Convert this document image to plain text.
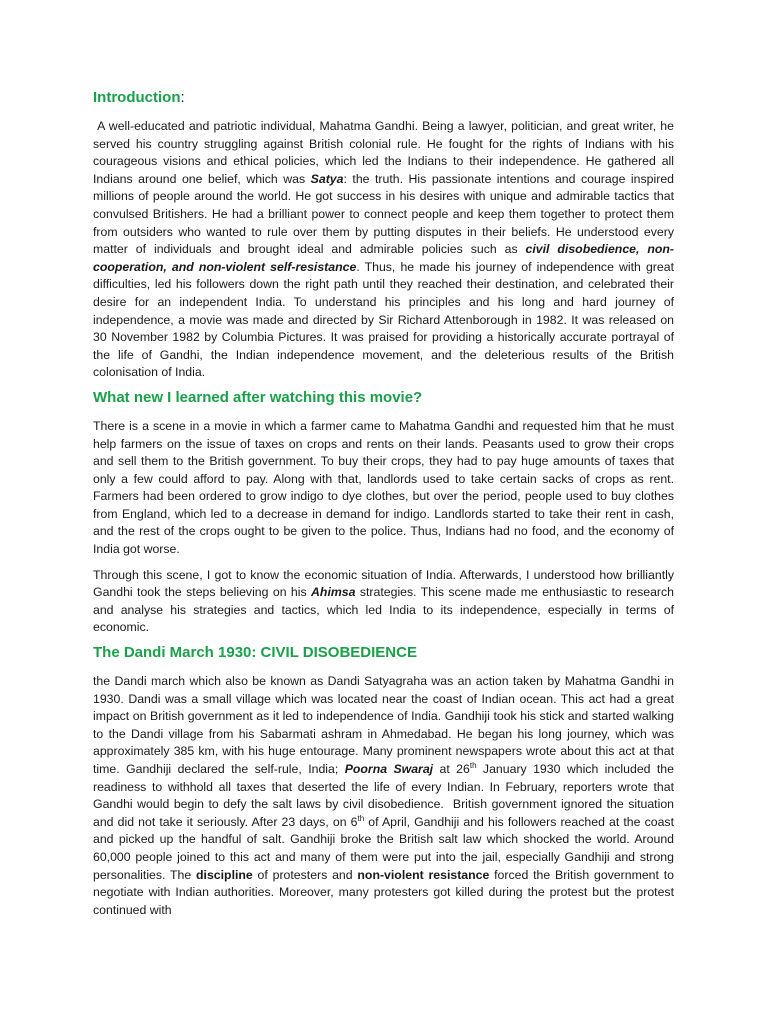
Introduction:

A well-educated and patriotic individual, Mahatma Gandhi. Being a lawyer, politician, and great writer, he served his country struggling against British colonial rule. He fought for the rights of Indians with his courageous visions and ethical policies, which led the Indians to their independence. He gathered all Indians around one belief, which was Satya: the truth. His passionate intentions and courage inspired millions of people around the world. He got success in his desires with unique and admirable tactics that convulsed Britishers. He had a brilliant power to connect people and keep them together to protect them from outsiders who wanted to rule over them by putting disputes in their beliefs. He understood every matter of individuals and brought ideal and admirable policies such as civil disobedience, non-cooperation, and non-violent self-resistance. Thus, he made his journey of independence with great difficulties, led his followers down the right path until they reached their destination, and celebrated their desire for an independent India. To understand his principles and his long and hard journey of independence, a movie was made and directed by Sir Richard Attenborough in 1982. It was released on 30 November 1982 by Columbia Pictures. It was praised for providing a historically accurate portrayal of the life of Gandhi, the Indian independence movement, and the deleterious results of the British colonisation of India.

What new I learned after watching this movie?

There is a scene in a movie in which a farmer came to Mahatma Gandhi and requested him that he must help farmers on the issue of taxes on crops and rents on their lands. Peasants used to grow their crops and sell them to the British government. To buy their crops, they had to pay huge amounts of taxes that only a few could afford to pay. Along with that, landlords used to take certain sacks of crops as rent. Farmers had been ordered to grow indigo to dye clothes, but over the period, people used to buy clothes from England, which led to a decrease in demand for indigo. Landlords started to take their rent in cash, and the rest of the crops ought to be given to the police. Thus, Indians had no food, and the economy of India got worse.

Through this scene, I got to know the economic situation of India. Afterwards, I understood how brilliantly Gandhi took the steps believing on his Ahimsa strategies. This scene made me enthusiastic to research and analyse his strategies and tactics, which led India to its independence, especially in terms of economic.

The Dandi March 1930: CIVIL DISOBEDIENCE

the Dandi march which also be known as Dandi Satyagraha was an action taken by Mahatma Gandhi in 1930. Dandi was a small village which was located near the coast of Indian ocean. This act had a great impact on British government as it led to independence of India. Gandhiji took his stick and started walking to the Dandi village from his Sabarmati ashram in Ahmedabad. He began his long journey, which was approximately 385 km, with his huge entourage. Many prominent newspapers wrote about this act at that time. Gandhiji declared the self-rule, India; Poorna Swaraj at 26th January 1930 which included the readiness to withhold all taxes that deserted the life of every Indian. In February, reporters wrote that Gandhi would begin to defy the salt laws by civil disobedience.  British government ignored the situation and did not take it seriously. After 23 days, on 6th of April, Gandhiji and his followers reached at the coast and picked up the handful of salt. Gandhiji broke the British salt law which shocked the world. Around 60,000 people joined to this act and many of them were put into the jail, especially Gandhiji and strong personalities. The discipline of protesters and non-violent resistance forced the British government to negotiate with Indian authorities. Moreover, many protesters got killed during the protest but the protest continued with
